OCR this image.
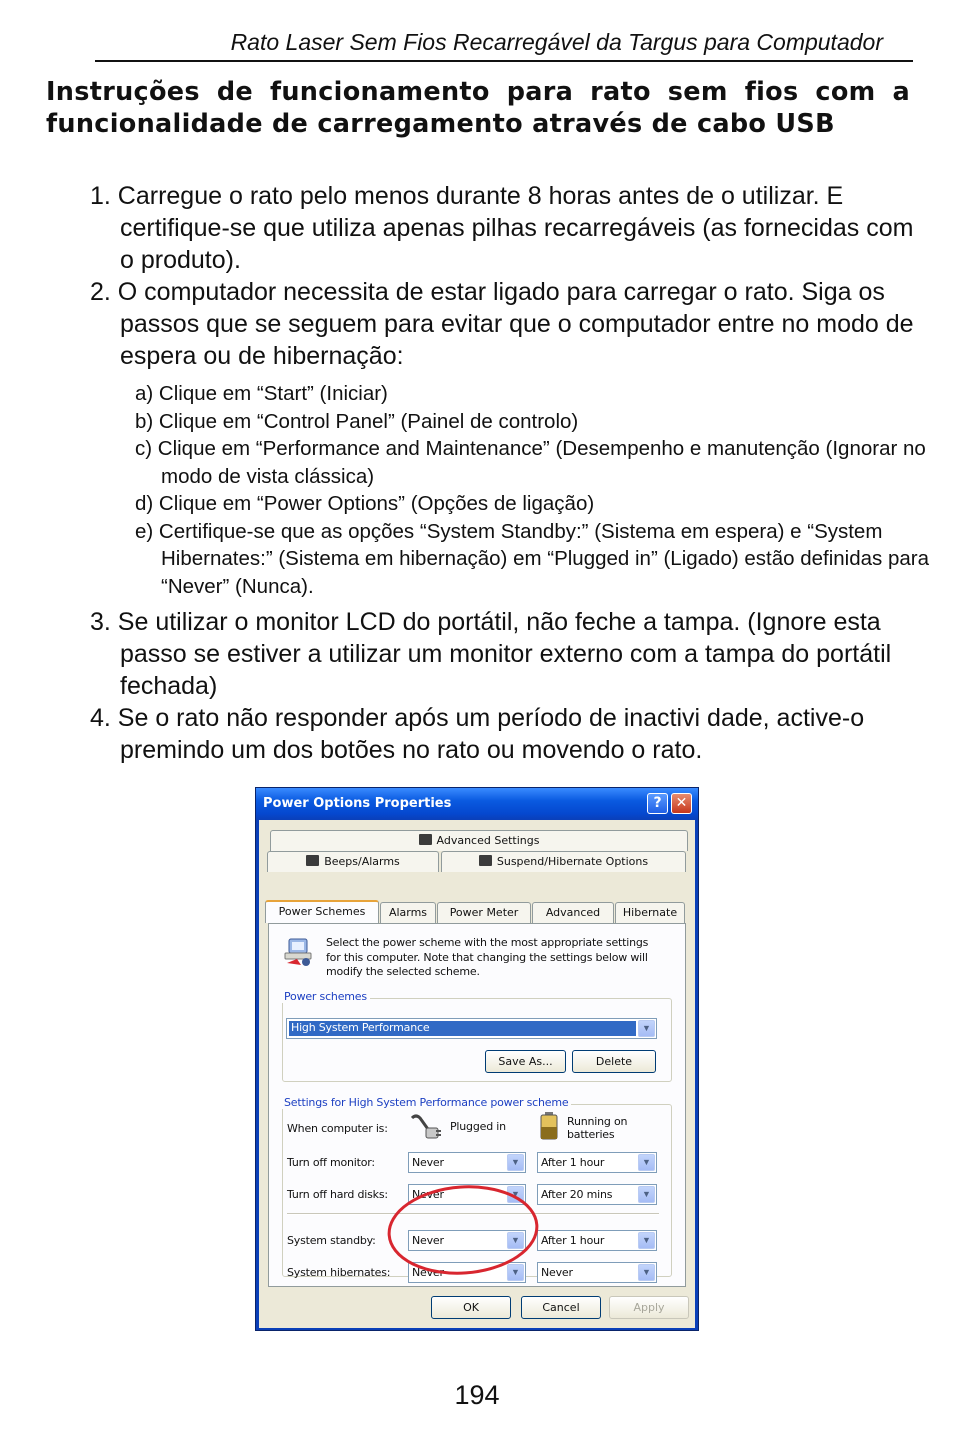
Rato Laser Sem Fios Recarregável da Targus para Computador
Instruções de funcionamento para rato sem fios com a funcionalidade de carregamento através de cabo USB
1. Carregue o rato pelo menos durante 8 horas antes de o utilizar. E certifique-se que utiliza apenas pilhas recarregáveis (as fornecidas com o produto).
2. O computador necessita de estar ligado para carregar o rato. Siga os passos que se seguem para evitar que o computador entre no modo de espera ou de hibernação:
a) Clique em “Start” (Iniciar)
b) Clique em “Control Panel” (Painel de controlo)
c) Clique em “Performance and Maintenance” (Desempenho e manutenção (Ignorar no modo de vista clássica)
d) Clique em “Power Options” (Opções de ligação)
e) Certifique-se que as opções “System Standby:” (Sistema em espera) e “System Hibernates:” (Sistema em hibernação) em “Plugged in” (Ligado) estão definidas para “Never” (Nunca).
3. Se utilizar o monitor LCD do portátil, não feche a tampa. (Ignore esta passo se estiver a utilizar um monitor externo com a tampa do portátil fechada)
4. Se o rato não responder após um período de inactivi dade, active-o premindo um dos botões no rato ou movendo o rato.
Power Options Properties	?	✕
Advanced Settings
Beeps/Alarms	Suspend/Hibernate Options
Power Schemes	Alarms	Power Meter	Advanced	Hibernate
Select the power scheme with the most appropriate settings for this computer. Note that changing the settings below will modify the selected scheme.
Power schemes
High System Performance	▼
Save As...	Delete
Settings for High System Performance power scheme
When computer is:	Plugged in	Running on batteries
Turn off monitor:	Never	▼	After 1 hour	▼
Turn off hard disks: Never	▼	After 20 mins	▼
System standby:	Never	▼	After 1 hour	▼
System hibernates: Never	▼	Never	▼
OK	Cancel	Apply
194
